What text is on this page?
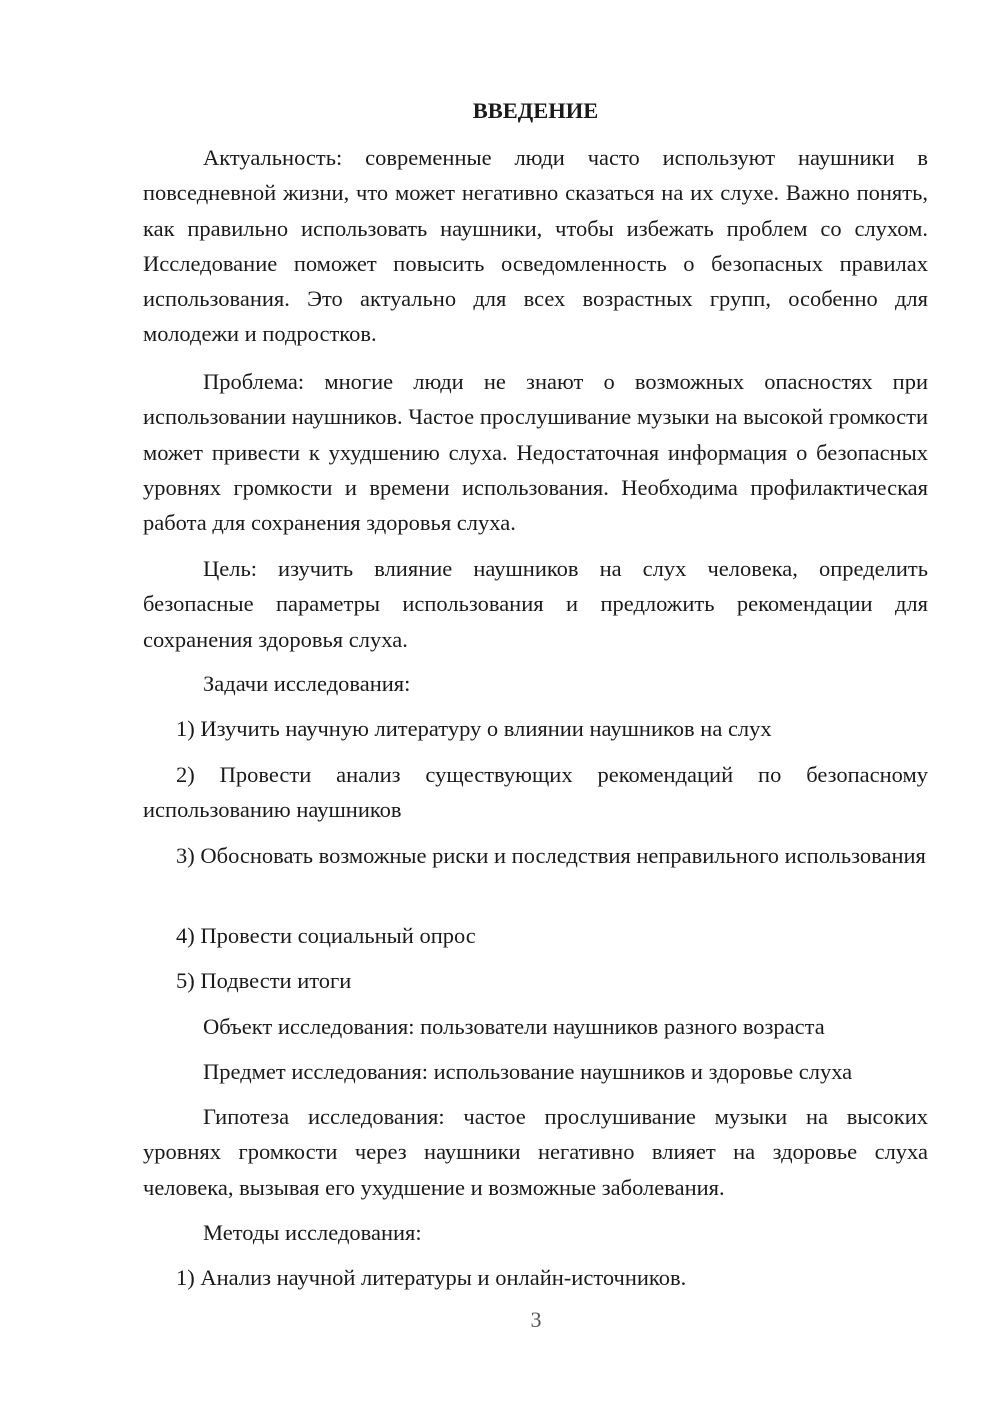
ВВЕДЕНИЕ

Актуальность: современные люди часто используют наушники в повседневной жизни, что может негативно сказаться на их слухе. Важно понять, как правильно использовать наушники, чтобы избежать проблем со слухом. Исследование поможет повысить осведомленность о безопасных правилах использования. Это актуально для всех возрастных групп, особенно для молодежи и подростков.

Проблема: многие люди не знают о возможных опасностях при использовании наушников. Частое прослушивание музыки на высокой громкости может привести к ухудшению слуха. Недостаточная информация о безопасных уровнях громкости и времени использования. Необходима профилактическая работа для сохранения здоровья слуха.

Цель: изучить влияние наушников на слух человека, определить безопасные параметры использования и предложить рекомендации для сохранения здоровья слуха.

Задачи исследования:

1) Изучить научную литературу о влиянии наушников на слух

2) Провести анализ существующих рекомендаций по безопасному использованию наушников

3) Обосновать возможные риски и последствия неправильного использования

4) Провести социальный опрос

5) Подвести итоги

Объект исследования: пользователи наушников разного возраста

Предмет исследования: использование наушников и здоровье слуха

Гипотеза исследования: частое прослушивание музыки на высоких уровнях громкости через наушники негативно влияет на здоровье слуха человека, вызывая его ухудшение и возможные заболевания.

Методы исследования:

1) Анализ научной литературы и онлайн-источников.

3
